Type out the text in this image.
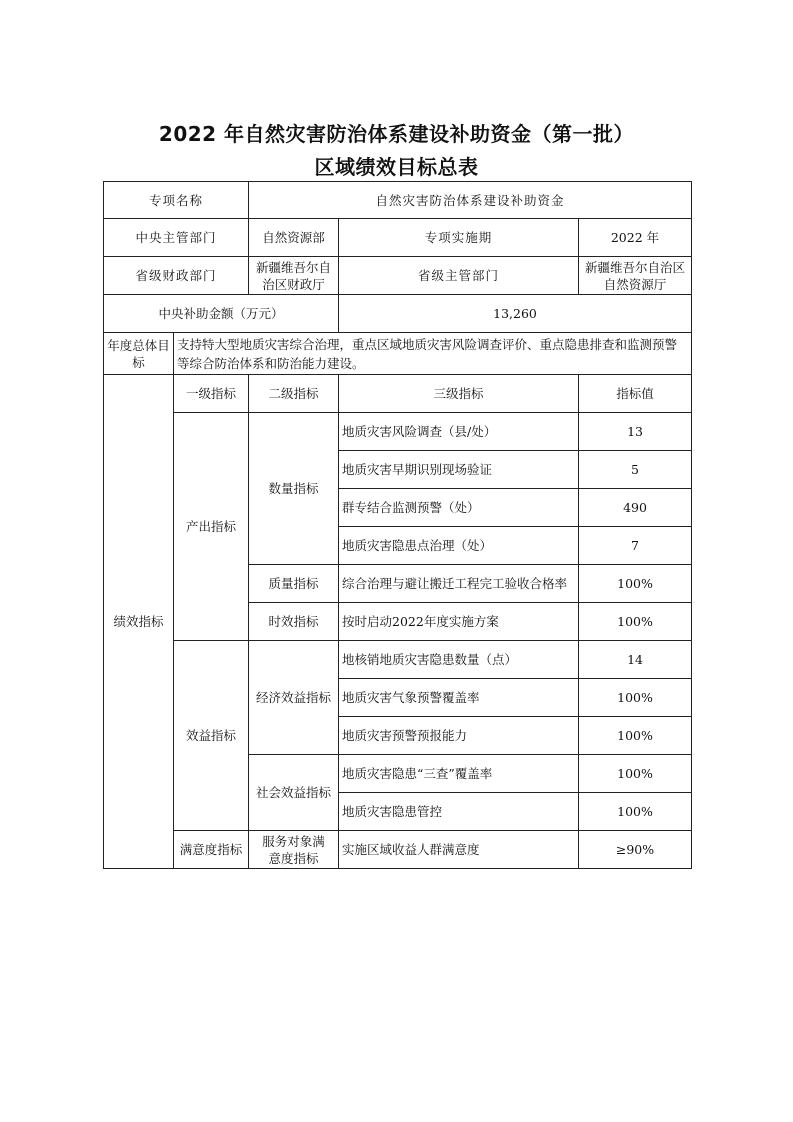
2022 年自然灾害防治体系建设补助资金（第一批）
区域绩效目标总表
专项名称		自然灾害防治体系建设补助资金		
中央主管部门		自然资源部	专项实施期	2022 年
省级财政部门		新疆维吾尔自治区财政厅	省级主管部门	新疆维吾尔自治区自然资源厅
中央补助金额（万元）			13,260	
年度总体目标	支持特大型地质灾害综合治理，重点区域地质灾害风险调查评价、重点隐患排查和监测预警等综合防治体系和防治能力建设。			
绩效指标	一级指标	二级指标	三级指标	指标值
	产出指标	数量指标	地质灾害风险调查（县/处）	13
			地质灾害早期识别现场验证	5
			群专结合监测预警（处）	490
			地质灾害隐患点治理（处）	7
		质量指标	综合治理与避让搬迁工程完工验收合格率	100%
		时效指标	按时启动2022年度实施方案	100%
	效益指标	经济效益指标	地核销地质灾害隐患数量（点）	14
			地质灾害气象预警覆盖率	100%
			地质灾害预警预报能力	100%
		社会效益指标	地质灾害隐患“三查”覆盖率	100%
			地质灾害隐患管控	100%
	满意度指标	服务对象满意度指标	实施区域收益人群满意度	≥90%
